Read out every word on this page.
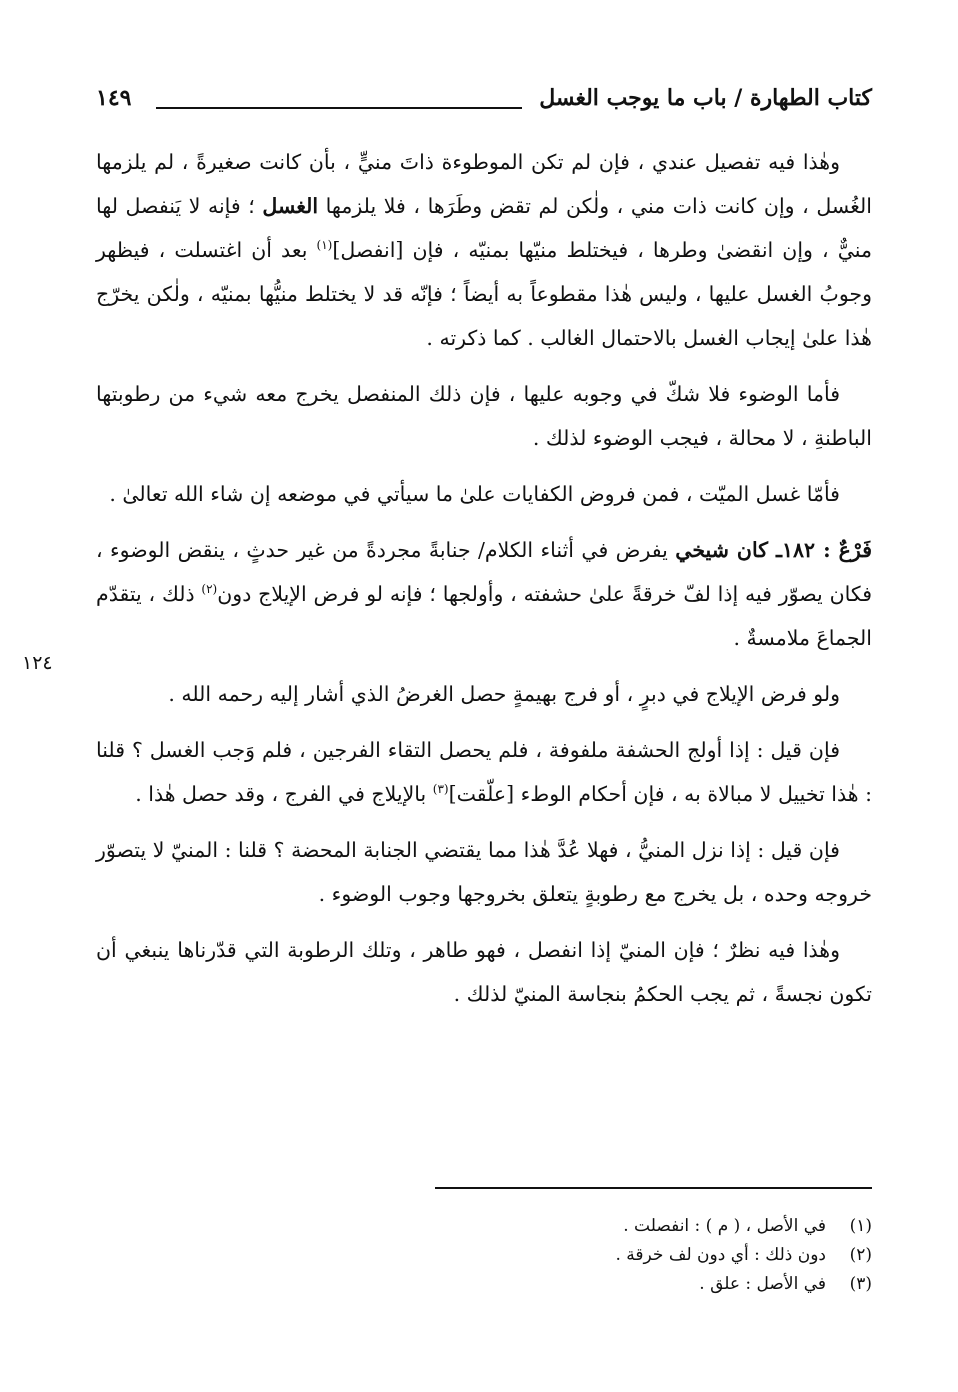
كتاب الطهارة / باب ما يوجب الغسل
١٤٩
١٢٤

وهٰذا فيه تفصيل عندي ، فإن لم تكن الموطوءة ذاتَ منيٍّ ، بأن كانت صغيرةً ، لم يلزمها الغُسل ، وإن كانت ذات مني ، ولٰكن لم تقض وطَرَها ، فلا يلزمها الغسل ؛ فإنه لا يَنفصل لها منيٌّ ، وإن انقضىٰ وطرها ، فيختلط منيّها بمنيّه ، فإن [انفصل]$^{(١)}$ بعد أن اغتسلت ، فيظهر وجوبُ الغسل عليها ، وليس هٰذا مقطوعاً به أيضاً ؛ فإنّه قد لا يختلط منيُّها بمنيّه ، ولٰكن يخرّج هٰذا علىٰ إيجاب الغسل بالاحتمال الغالب . كما ذكرته .

فأما الوضوء فلا شكّ في وجوبه عليها ، فإن ذلك المنفصل يخرج معه شيء من رطوبتها الباطنةِ ، لا محالة ، فيجب الوضوء لذلك .

فأمّا غسل الميّت ، فمن فروض الكفايات علىٰ ما سيأتي في موضعه إن شاء الله تعالىٰ .

فَرْعٌ : ١٨٢ـ كان شيخي يفرض في أثناء الكلام/ جنابةً مجردةً من غير حدثٍ ، ينقض الوضوء ، فكان يصوّر فيه إذا لفّ خرقةً علىٰ حشفته ، وأولجها ؛ فإنه لو فرض الإيلاج دون$^{(٢)}$ ذلك ، يتقدّم الجماعَ ملامسةٌ .

ولو فرض الإيلاج في دبرٍ ، أو فرج بهيمةٍ حصل الغرضُ الذي أشار إليه رحمه الله .

فإن قيل : إذا أولج الحشفة ملفوفة ، فلم يحصل التقاء الفرجين ، فلم وَجب الغسل ؟ قلنا : هٰذا تخييل لا مبالاة به ، فإن أحكام الوطء [علّقت]$^{(٣)}$ بالإيلاج في الفرج ، وقد حصل هٰذا .

فإن قيل : إذا نزل المنيُّ ، فهلا عُدَّ هٰذا مما يقتضي الجنابة المحضة ؟ قلنا : المنيّ لا يتصوّر خروجه وحده ، بل يخرج مع رطوبةٍ يتعلق بخروجها وجوب الوضوء .

وهٰذا فيه نظرٌ ؛ فإن المنيّ إذا انفصل ، فهو طاهر ، وتلك الرطوبة التي قدّرناها ينبغي أن تكون نجسةً ، ثم يجب الحكمُ بنجاسة المنيّ لذلك .

(١)في الأصل ، ( م ) : انفصلت .
(٢)دون ذلك : أي دون لف خرقة .
(٣)في الأصل : علق .
